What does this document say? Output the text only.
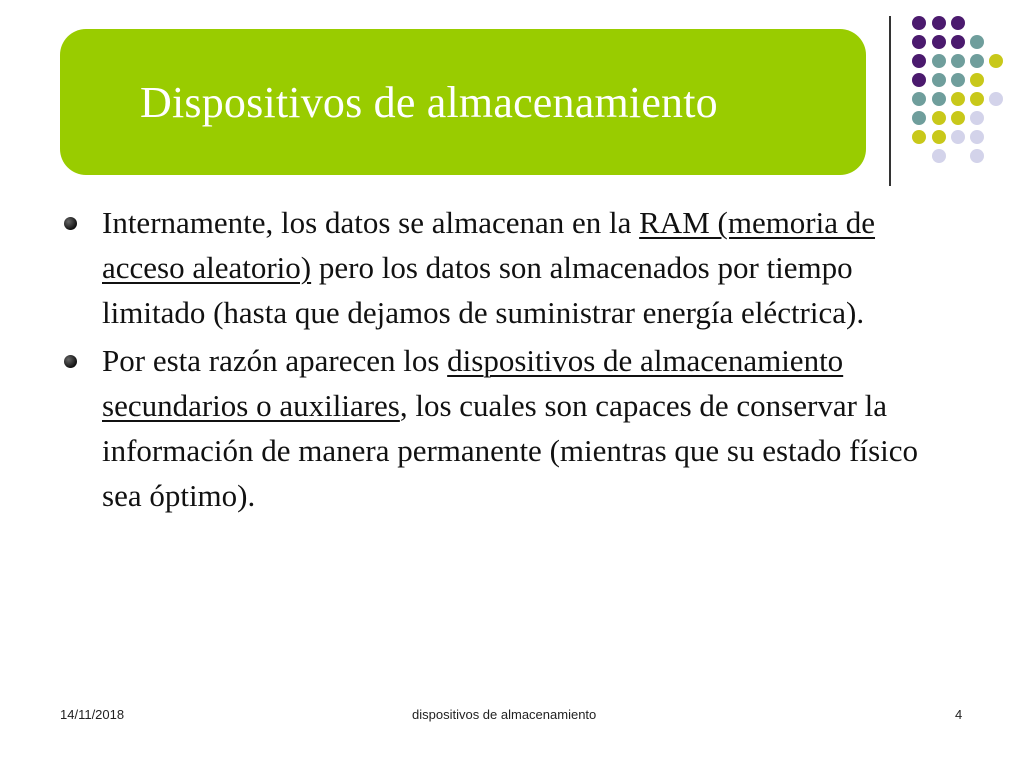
Dispositivos de almacenamiento
Internamente, los datos se almacenan en la RAM (memoria de acceso aleatorio) pero los datos son almacenados por tiempo limitado (hasta que dejamos de suministrar energía eléctrica).
Por esta razón aparecen los dispositivos de almacenamiento secundarios o auxiliares, los cuales son capaces de conservar la información de manera permanente (mientras que su estado físico sea óptimo).
14/11/2018	dispositivos de almacenamiento	4
